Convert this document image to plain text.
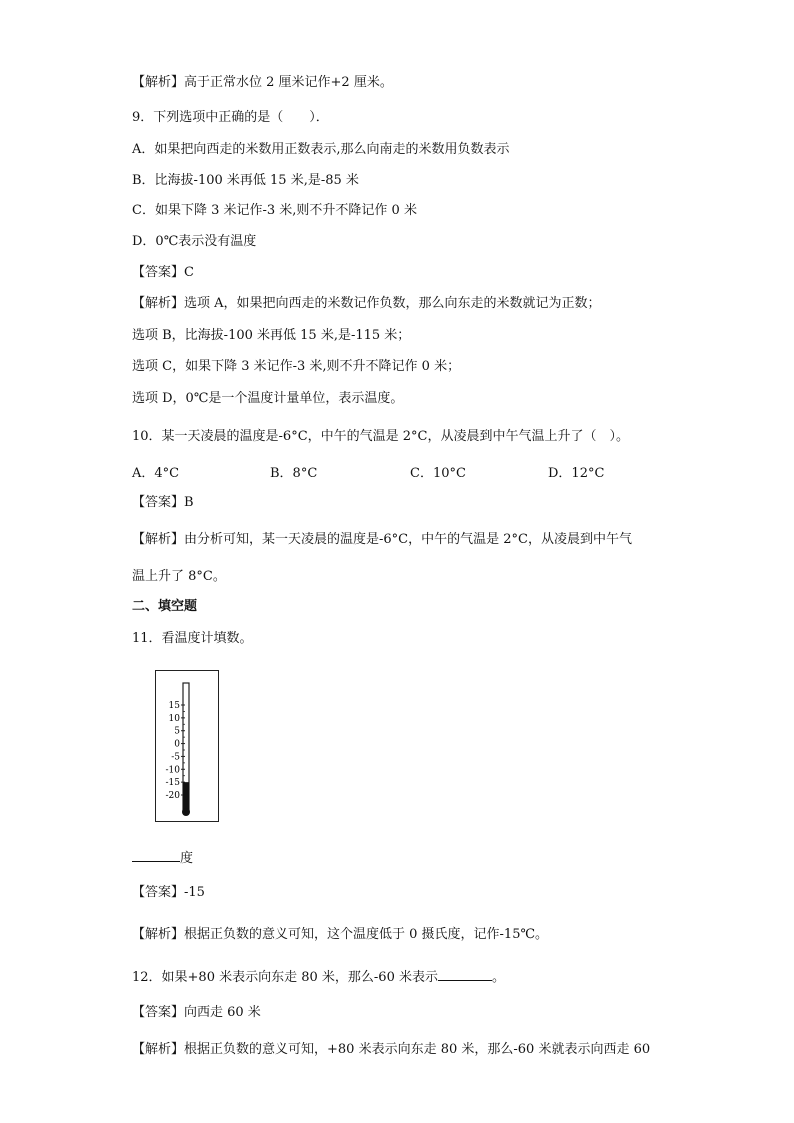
【解析】高于正常水位 2 厘米记作+2 厘米。
9．下列选项中正确的是（　　）．
A．如果把向西走的米数用正数表示,那么向南走的米数用负数表示
B．比海拔-100 米再低 15 米,是-85 米
C．如果下降 3 米记作-3 米,则不升不降记作 0 米
D．0℃表示没有温度
【答案】C
【解析】选项 A，如果把向西走的米数记作负数，那么向东走的米数就记为正数；
选项 B，比海拔-100 米再低 15 米,是-115 米；
选项 C，如果下降 3 米记作-3 米,则不升不降记作 0 米；
选项 D，0℃是一个温度计量单位，表示温度。
10．某一天凌晨的温度是-6°C，中午的气温是 2°C，从凌晨到中午气温上升了（　）。
A．4°C	B．8°C	C．10°C	D．12°C
【答案】B
【解析】由分析可知，某一天凌晨的温度是-6°C，中午的气温是 2°C，从凌晨到中午气
温上升了 8°C。
二、填空题
11．看温度计填数。
15
10
5
0
-5
-10
-15
-20
度
【答案】-15
【解析】根据正负数的意义可知，这个温度低于 0 摄氏度，记作-15℃。
12．如果+80 米表示向东走 80 米，那么-60 米表示	。
【答案】向西走 60 米
【解析】根据正负数的意义可知，+80 米表示向东走 80 米，那么-60 米就表示向西走 60
